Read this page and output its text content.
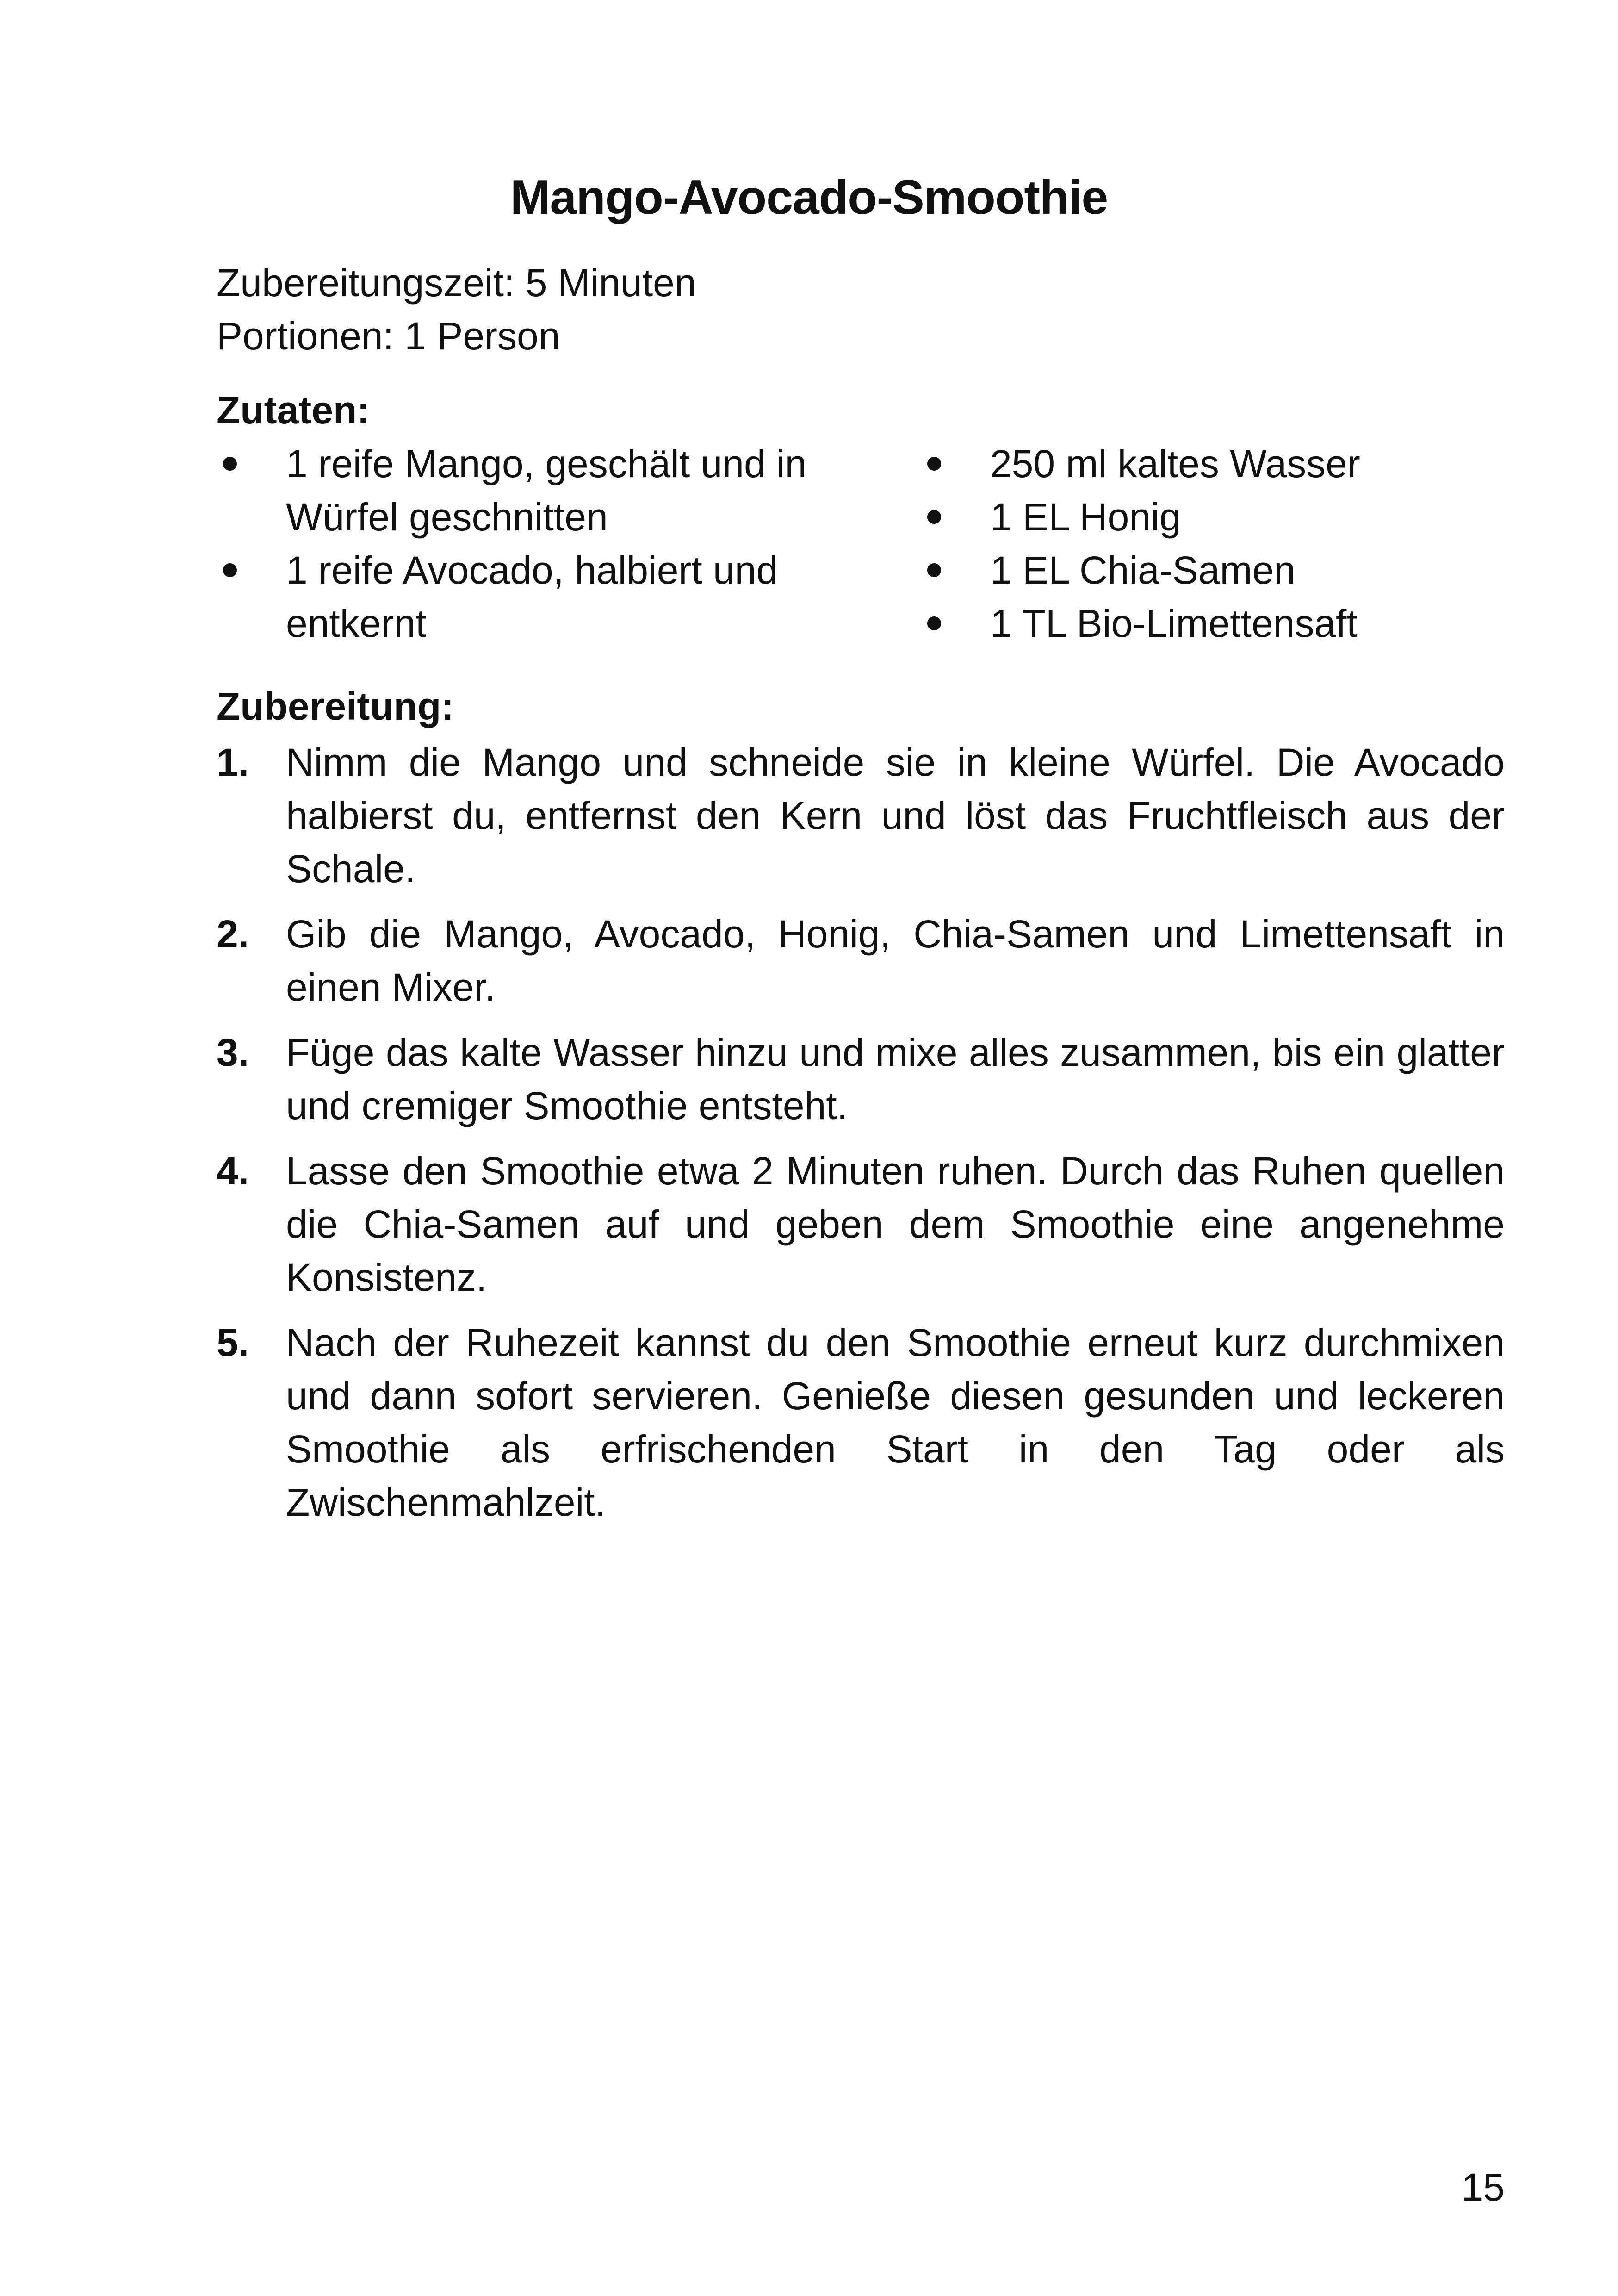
Mango-Avocado-Smoothie
Zubereitungszeit: 5 Minuten
Portionen: 1 Person
Zutaten:
1 reife Mango, geschält und in Würfel geschnitten
1 reife Avocado, halbiert und entkernt
250 ml kaltes Wasser
1 EL Honig
1 EL Chia-Samen
1 TL Bio-Limettensaft
Zubereitung:
1. Nimm die Mango und schneide sie in kleine Würfel. Die Avocado halbierst du, entfernst den Kern und löst das Fruchtfleisch aus der Schale.
2. Gib die Mango, Avocado, Honig, Chia-Samen und Limettensaft in einen Mixer.
3. Füge das kalte Wasser hinzu und mixe alles zusammen, bis ein glatter und cremiger Smoothie entsteht.
4. Lasse den Smoothie etwa 2 Minuten ruhen. Durch das Ruhen quellen die Chia-Samen auf und geben dem Smoothie eine angenehme Konsistenz.
5. Nach der Ruhezeit kannst du den Smoothie erneut kurz durchmixen und dann sofort servieren. Genieße diesen gesunden und leckeren Smoothie als erfrischenden Start in den Tag oder als Zwischenmahlzeit.
15
